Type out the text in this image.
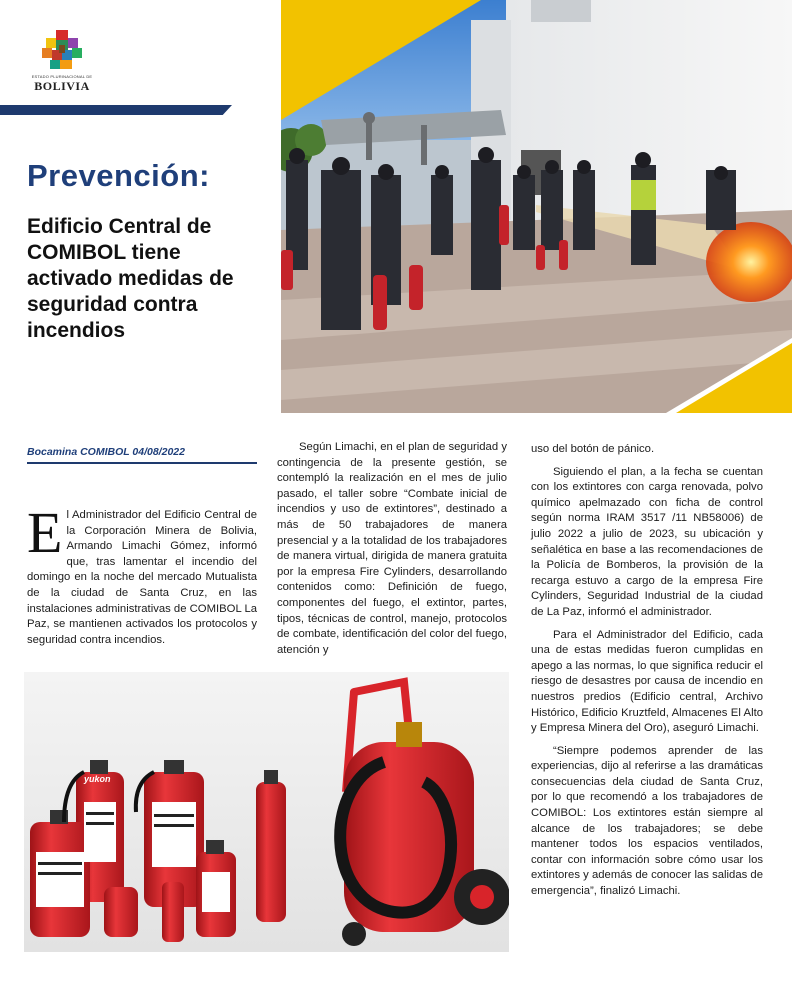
ESTADO PLURINACIONAL DE
BOLIVIA
Prevención:
Edificio Central de COMIBOL tiene activado medidas de seguridad contra incendios
Bocamina COMIBOL 04/08/2022

El Administrador del Edificio Central de la Corporación Minera de Bolivia, Armando Limachi Gómez, informó que, tras lamentar el incendio del domingo en la noche del mercado Mutualista de la ciudad de Santa Cruz, en las instalaciones administrativas de COMIBOL La Paz, se mantienen activados los protocolos y seguridad contra incendios.

Según Limachi, en el plan de seguridad y contingencia de la presente gestión, se contempló la realización en el mes de julio pasado, el taller sobre “Combate inicial de incendios y uso de extintores”, destinado a más de 50 trabajadores de manera presencial y a la totalidad de los trabajadores de manera virtual, dirigida de manera gratuita por la empresa Fire Cylinders, desarrollando contenidos como: Definición de fuego, componentes del fuego, el extintor, partes, tipos, técnicas de control, manejo, protocolos de combate, identificación del color del fuego, atención y

uso del botón de pánico.

Siguiendo el plan, a la fecha se cuentan con los extintores con carga renovada, polvo químico apelmazado con ficha de control según norma IRAM 3517 /11 NB58006) de julio 2022 a julio de 2023, su ubicación y señalética en base a las recomendaciones de la Policía de Bomberos, la provisión de la recarga estuvo a cargo de la empresa Fire Cylinders, Seguridad Industrial de la ciudad de La Paz, informó el administrador.

Para el Administrador del Edificio, cada una de estas medidas fueron cumplidas en apego a las normas, lo que significa reducir el riesgo de desastres por causa de incendio en nuestros predios (Edificio central, Archivo Histórico, Edificio Kruztfeld, Almacenes El Alto y Empresa Minera del Oro), aseguró Limachi.

“Siempre podemos aprender de las experiencias, dijo al referirse a las dramáticas consecuencias dela ciudad de Santa Cruz, por lo que recomendó a los trabajadores de COMIBOL: Los extintores están siempre al alcance de los trabajadores; se debe mantener todos los espacios ventilados, contar con información sobre cómo usar los extintores y además de conocer las salidas de emergencia”, finalizó Limachi.

yukon
